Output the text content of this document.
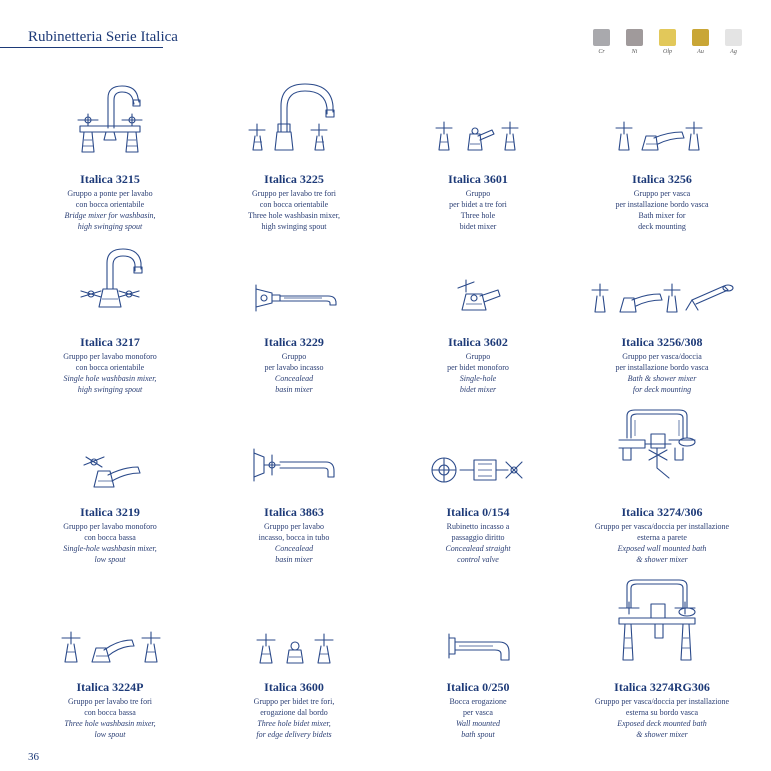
Rubinetteria Serie Italica
Cr	Ni	Olp	Au	Ag
Italica 3215
Gruppo a ponte per lavabo
con bocca orientabile
Bridge mixer for washbasin,
high swinging spout
Italica 3225
Gruppo per lavabo tre fori
con bocca orientabile
Three hole washbasin mixer,
high swinging spout
Italica 3601
Gruppo
per bidet a tre fori
Three hole
bidet mixer
Italica 3256
Gruppo per vasca
per installazione bordo vasca
Bath mixer for
deck mounting
Italica 3217
Gruppo per lavabo monoforo
con bocca orientabile
Single hole washbasin mixer,
high swinging spout
Italica 3229
Gruppo
per lavabo incasso
Concealead
basin mixer
Italica 3602
Gruppo
per bidet monoforo
Single-hole
bidet mixer
Italica 3256/308
Gruppo per vasca/doccia
per installazione bordo vasca
Bath & shower mixer
for deck mounting
Italica 3219
Gruppo per lavabo monoforo
con bocca bassa
Single-hole washbasin mixer,
low spout
Italica 3863
Gruppo per lavabo
incasso, bocca in tubo
Concealead
basin mixer
Italica 0/154
Rubinetto incasso a
passaggio diritto
Concealead straight
control valve
Italica 3274/306
Gruppo per vasca/doccia per installazione
esterna a parete
Exposed wall mounted bath
& shower mixer
Italica 3224P
Gruppo per lavabo tre fori
con bocca bassa
Three hole washbasin mixer,
low spout
Italica 3600
Gruppo per bidet tre fori,
erogazione dal bordo
Three hole bidet mixer,
for edge delivery bidets
Italica 0/250
Bocca erogazione
per vasca
Wall mounted
bath spout
Italica 3274RG306
Gruppo per vasca/doccia per installazione
esterna su bordo vasca
Exposed deck mounted bath
& shower mixer
36
